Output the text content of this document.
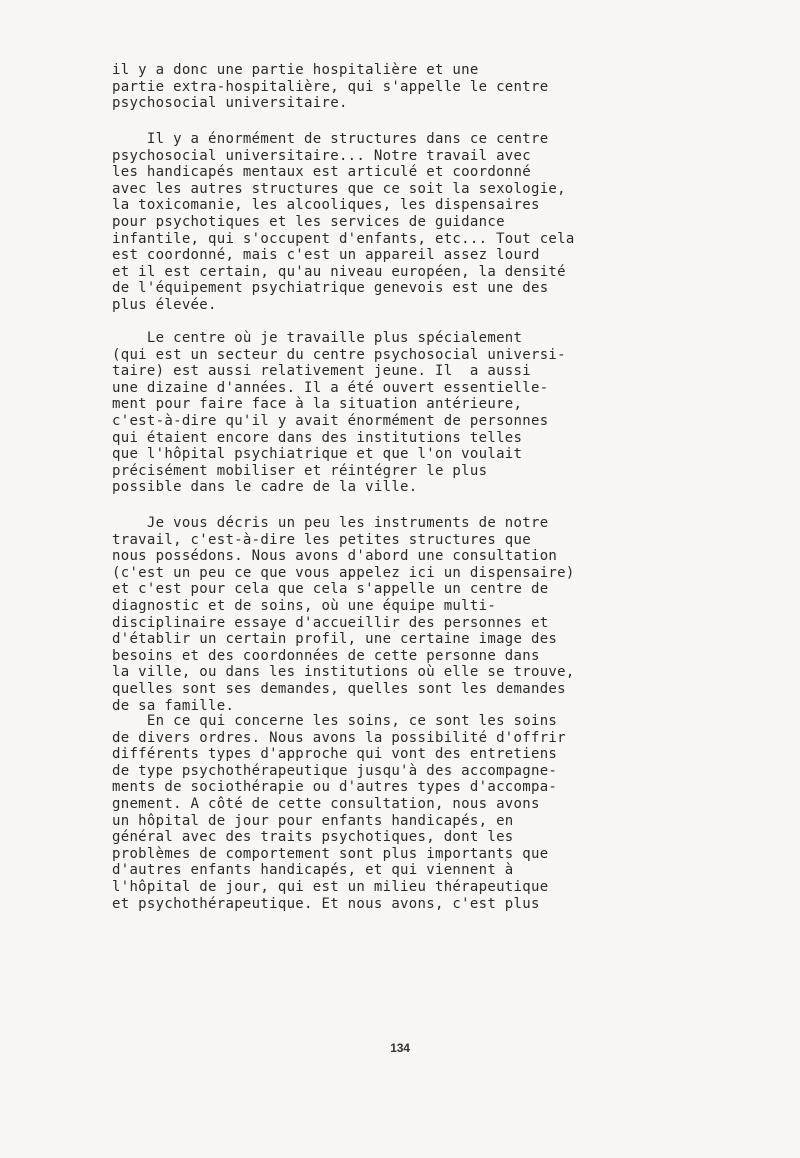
il y a donc une partie hospitalière et une
partie extra-hospitalière, qui s'appelle le centre
psychosocial universitaire.
Il y a énormément de structures dans ce centre
psychosocial universitaire... Notre travail avec
les handicapés mentaux est articulé et coordonné
avec les autres structures que ce soit la sexologie,
la toxicomanie, les alcooliques, les dispensaires
pour psychotiques et les services de guidance
infantile, qui s'occupent d'enfants, etc... Tout cela
est coordonné, mais c'est un appareil assez lourd
et il est certain, qu'au niveau européen, la densité
de l'équipement psychiatrique genevois est une des
plus élevée.
Le centre où je travaille plus spécialement
(qui est un secteur du centre psychosocial universi-
taire) est aussi relativement jeune. Il  a aussi
une dizaine d'années. Il a été ouvert essentielle-
ment pour faire face à la situation antérieure,
c'est-à-dire qu'il y avait énormément de personnes
qui étaient encore dans des institutions telles
que l'hôpital psychiatrique et que l'on voulait
précisément mobiliser et réintégrer le plus
possible dans le cadre de la ville.
Je vous décris un peu les instruments de notre
travail, c'est-à-dire les petites structures que
nous possédons. Nous avons d'abord une consultation
(c'est un peu ce que vous appelez ici un dispensaire)
et c'est pour cela que cela s'appelle un centre de
diagnostic et de soins, où une équipe multi-
disciplinaire essaye d'accueillir des personnes et
d'établir un certain profil, une certaine image des
besoins et des coordonnées de cette personne dans
la ville, ou dans les institutions où elle se trouve,
quelles sont ses demandes, quelles sont les demandes
de sa famille.
En ce qui concerne les soins, ce sont les soins
de divers ordres. Nous avons la possibilité d'offrir
différents types d'approche qui vont des entretiens
de type psychothérapeutique jusqu'à des accompagne-
ments de sociothérapie ou d'autres types d'accompa-
gnement. A côté de cette consultation, nous avons
un hôpital de jour pour enfants handicapés, en
général avec des traits psychotiques, dont les
problèmes de comportement sont plus importants que
d'autres enfants handicapés, et qui viennent à
l'hôpital de jour, qui est un milieu thérapeutique
et psychothérapeutique. Et nous avons, c'est plus
134
